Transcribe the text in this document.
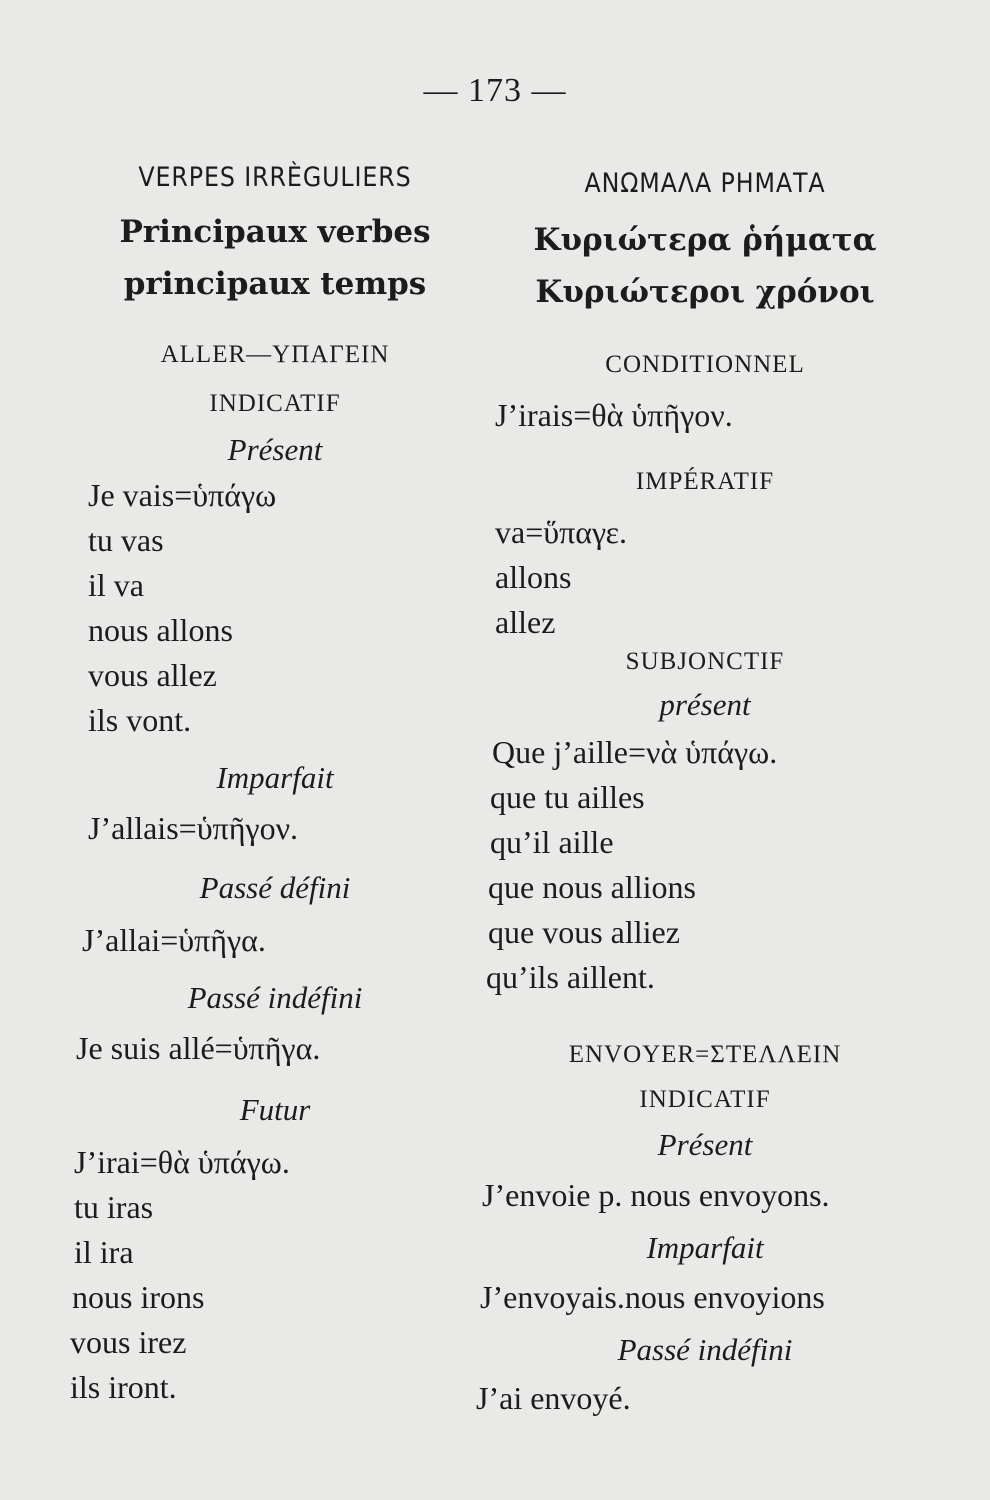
— 173 —
VERPES IRRÈGULIERS
Principaux verbes
principaux temps
ALLER—ΥΠΑΓΕΙΝ
INDICATIF
Présent
Je vais=ὑπάγω
tu vas
il va
nous allons
vous allez
ils vont.
Imparfait
J’allais=ὑπῆγον.
Passé défini
J’allai=ὑπῆγα.
Passé indéfini
Je suis allé=ὑπῆγα.
Futur
J’irai=θὰ ὑπάγω.
tu iras
il ira
nous irons
vous irez
ils iront.
ΑΝΩΜΑΛΑ ΡΗΜΑΤΑ
Κυριώτερα ῥήματα
Κυριώτεροι χρόνοι
CONDITIONNEL
J’irais=θὰ ὑπῆγον.
IMPÉRATIF
va=ὕπαγε.
allons
allez
SUBJONCTIF
présent
Que j’aille=νὰ ὑπάγω.
que tu ailles
qu’il aille
que nous allions
que vous alliez
qu’ils aillent.
ENVOYER=ΣΤΕΛΛΕΙΝ
INDICATIF
Présent
J’envoie p. nous envoyons.
Imparfait
J’envoyais.nous envoyions
Passé indéfini
J’ai envoyé.
